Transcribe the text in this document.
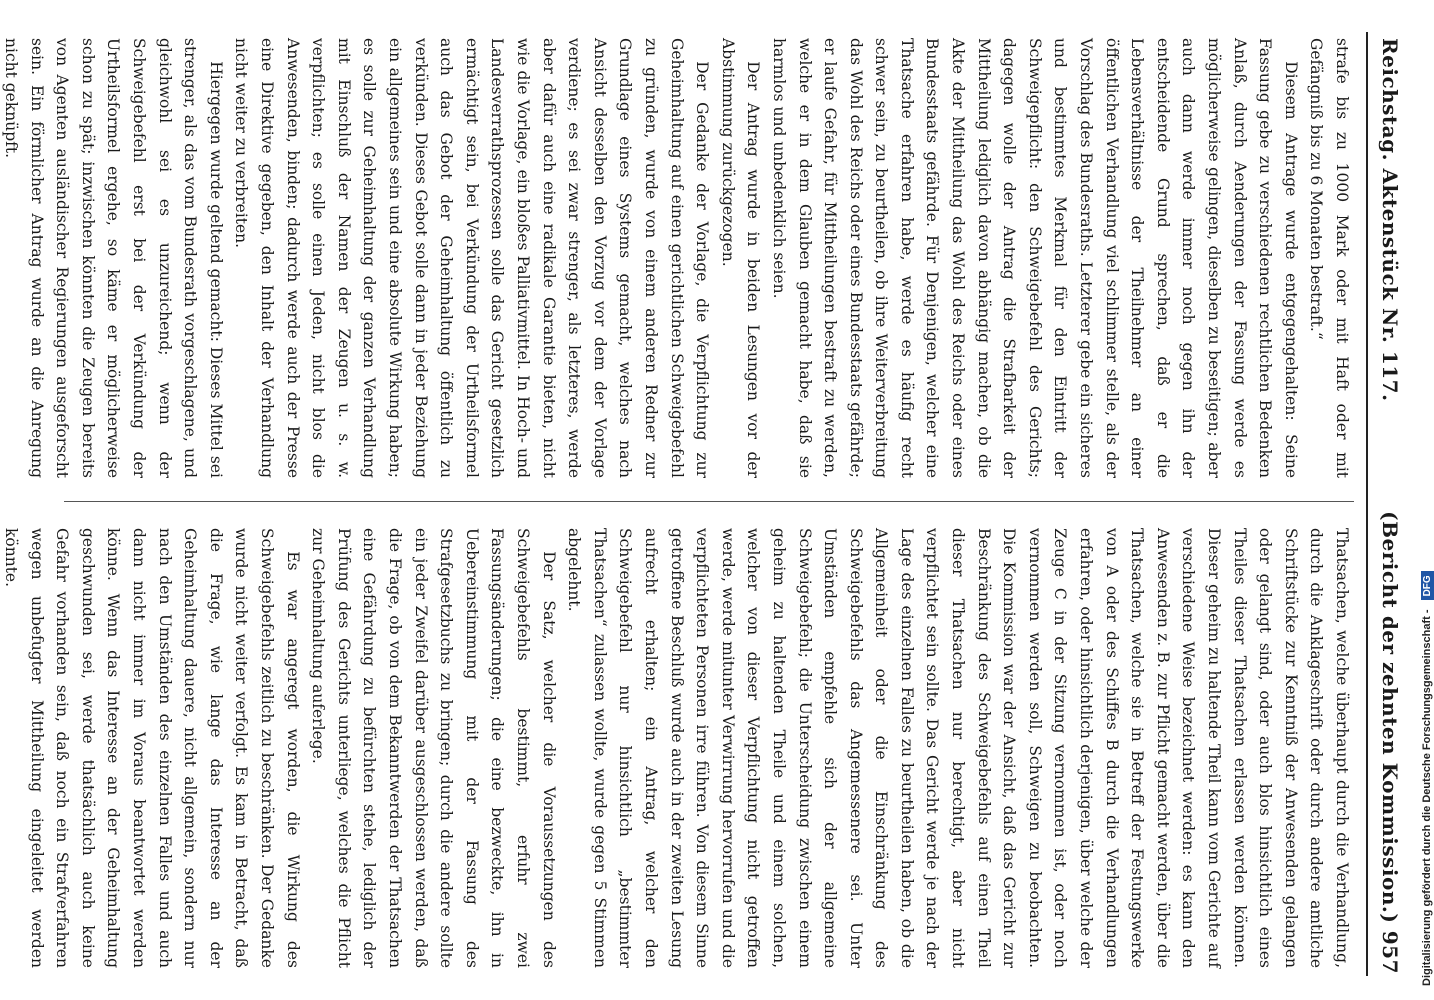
Reichstag. Aktenstück Nr. 117.
(Bericht der zehnten Kommission.) 957

strafe bis zu 1000 Mark oder mit Haft oder mit Gefängniß bis zu 6 Monaten bestraft.“

Diesem Antrage wurde entgegengehalten: Seine Fassung gebe zu verschiedenen rechtlichen Bedenken Anlaß, durch Aenderungen der Fassung werde es möglicherweise gelingen, dieselben zu beseitigen; aber auch dann werde immer noch gegen ihn der entscheidende Grund sprechen, daß er die Lebensverhältnisse der Theilnehmer an einer öffentlichen Verhandlung viel schlimmer stelle, als der Vorschlag des Bundesraths. Letzterer gebe ein sicheres und bestimmtes Merkmal für den Eintritt der Schweigepflicht: den Schweigebefehl des Gerichts; dagegen wolle der Antrag die Strafbarkeit der Mittheilung lediglich davon abhängig machen, ob die Akte der Mittheilung das Wohl des Reichs oder eines Bundesstaats gefährde. Für Denjenigen, welcher eine Thatsache erfahren habe, werde es häufig recht schwer sein, zu beurtheilen, ob ihre Weiterverbreitung das Wohl des Reichs oder eines Bundesstaats gefährde; er laufe Gefahr, für Mittheilungen bestraft zu werden, welche er in dem Glauben gemacht habe, daß sie harmlos und unbedenklich seien.

Der Antrag wurde in beiden Lesungen vor der Abstimmung zurückgezogen.

Der Gedanke der Vorlage, die Verpflichtung zur Geheimhaltung auf einen gerichtlichen Schweigebefehl zu gründen, wurde von einem anderen Redner zur Grundlage eines Systems gemacht, welches nach Ansicht desselben den Vorzug vor dem der Vorlage verdiene; es sei zwar strenger, als letzteres, werde aber dafür auch eine radikale Garantie bieten, nicht wie die Vorlage, ein bloßes Palliativmittel. In Hoch- und Landesverrathsprozessen solle das Gericht gesetzlich ermächtigt sein, bei Verkündung der Urtheilsformel auch das Gebot der Geheimhaltung öffentlich zu verkünden. Dieses Gebot solle dann in jeder Beziehung ein allgemeines sein und eine absolute Wirkung haben; es solle zur Geheimhaltung der ganzen Verhandlung mit Einschluß der Namen der Zeugen u. s. w. verpflichten; es solle einen Jeden, nicht blos die Anwesenden, binden; dadurch werde auch der Presse eine Direktive gegeben, den Inhalt der Verhandlung nicht weiter zu verbreiten.

Hiergegen wurde geltend gemacht: Dieses Mittel sei strenger, als das vom Bundesrath vorgeschlagene, und gleichwohl sei es unzureichend; wenn der Schweigebefehl erst bei der Verkündung der Urtheilsformel ergehe, so käme er möglicherweise schon zu spät; inzwischen könnten die Zeugen bereits von Agenten ausländischer Regierungen ausgeforscht sein. Ein förmlicher Antrag wurde an die Anregung nicht geknüpft.

Thatsachen, welche überhaupt durch die Verhandlung, durch die Anklageschrift oder durch andere amtliche Schriftstücke zur Kenntniß der Anwesenden gelangen oder gelangt sind, oder auch blos hinsichtlich eines Theiles dieser Thatsachen erlassen werden können. Dieser geheim zu haltende Theil kann vom Gerichte auf verschiedene Weise bezeichnet werden: es kann den Anwesenden z. B. zur Pflicht gemacht werden, über die Thatsachen, welche sie in Betreff der Festungswerke von A oder des Schiffes B durch die Verhandlungen erfahren, oder hinsichtlich derjenigen, über welche der Zeuge C in der Sitzung vernommen ist, oder noch vernommen werden soll, Schweigen zu beobachten. Die Kommission war der Ansicht, daß das Gericht zur Beschränkung des Schweigebefehls auf einen Theil dieser Thatsachen nur berechtigt, aber nicht verpflichtet sein sollte. Das Gericht werde je nach der Lage des einzelnen Falles zu beurtheilen haben, ob die Allgemeinheit oder die Einschränkung des Schweigebefehls das Angemessenere sei. Unter Umständen empfehle sich der allgemeine Schweigebefehl; die Unterscheidung zwischen einem geheim zu haltenden Theile und einem solchen, welcher von dieser Verpflichtung nicht getroffen werde, werde mitunter Verwirrung hervorrufen und die verpflichteten Personen irre führen. Von diesem Sinne getroffene Beschluß wurde auch in der zweiten Lesung aufrecht erhalten; ein Antrag, welcher den Schweigebefehl nur hinsichtlich „bestimmter Thatsachen“ zulassen wollte, wurde gegen 5 Stimmen abgelehnt.

Der Satz, welcher die Voraussetzungen des Schweigebefehls bestimmt, erfuhr zwei Fassungsänderungen; die eine bezweckte, ihn in Uebereinstimmung mit der Fassung des Strafgesetzbuchs zu bringen; durch die andere sollte ein jeder Zweifel darüber ausgeschlossen werden, daß die Frage, ob von dem Bekanntwerden der Thatsachen eine Gefährdung zu befürchten stehe, lediglich der Prüfung des Gerichts unterliege, welches die Pflicht zur Geheimhaltung auferlege.

Es war angeregt worden, die Wirkung des Schweigebefehls zeitlich zu beschränken. Der Gedanke wurde nicht weiter verfolgt. Es kam in Betracht, daß die Frage, wie lange das Interesse an der Geheimhaltung dauere, nicht allgemein, sondern nur nach den Umständen des einzelnen Falles und auch dann nicht immer im Voraus beantwortet werden könne. Wenn das Interesse an der Geheimhaltung geschwunden sei, werde thatsächlich auch keine Gefahr vorhanden sein, daß noch ein Strafverfahren wegen unbefugter Mittheilung eingeleitet werden könnte.

Digitalisierung gefördert durch die Deutsche Forschungsgemeinschaft - DFG
